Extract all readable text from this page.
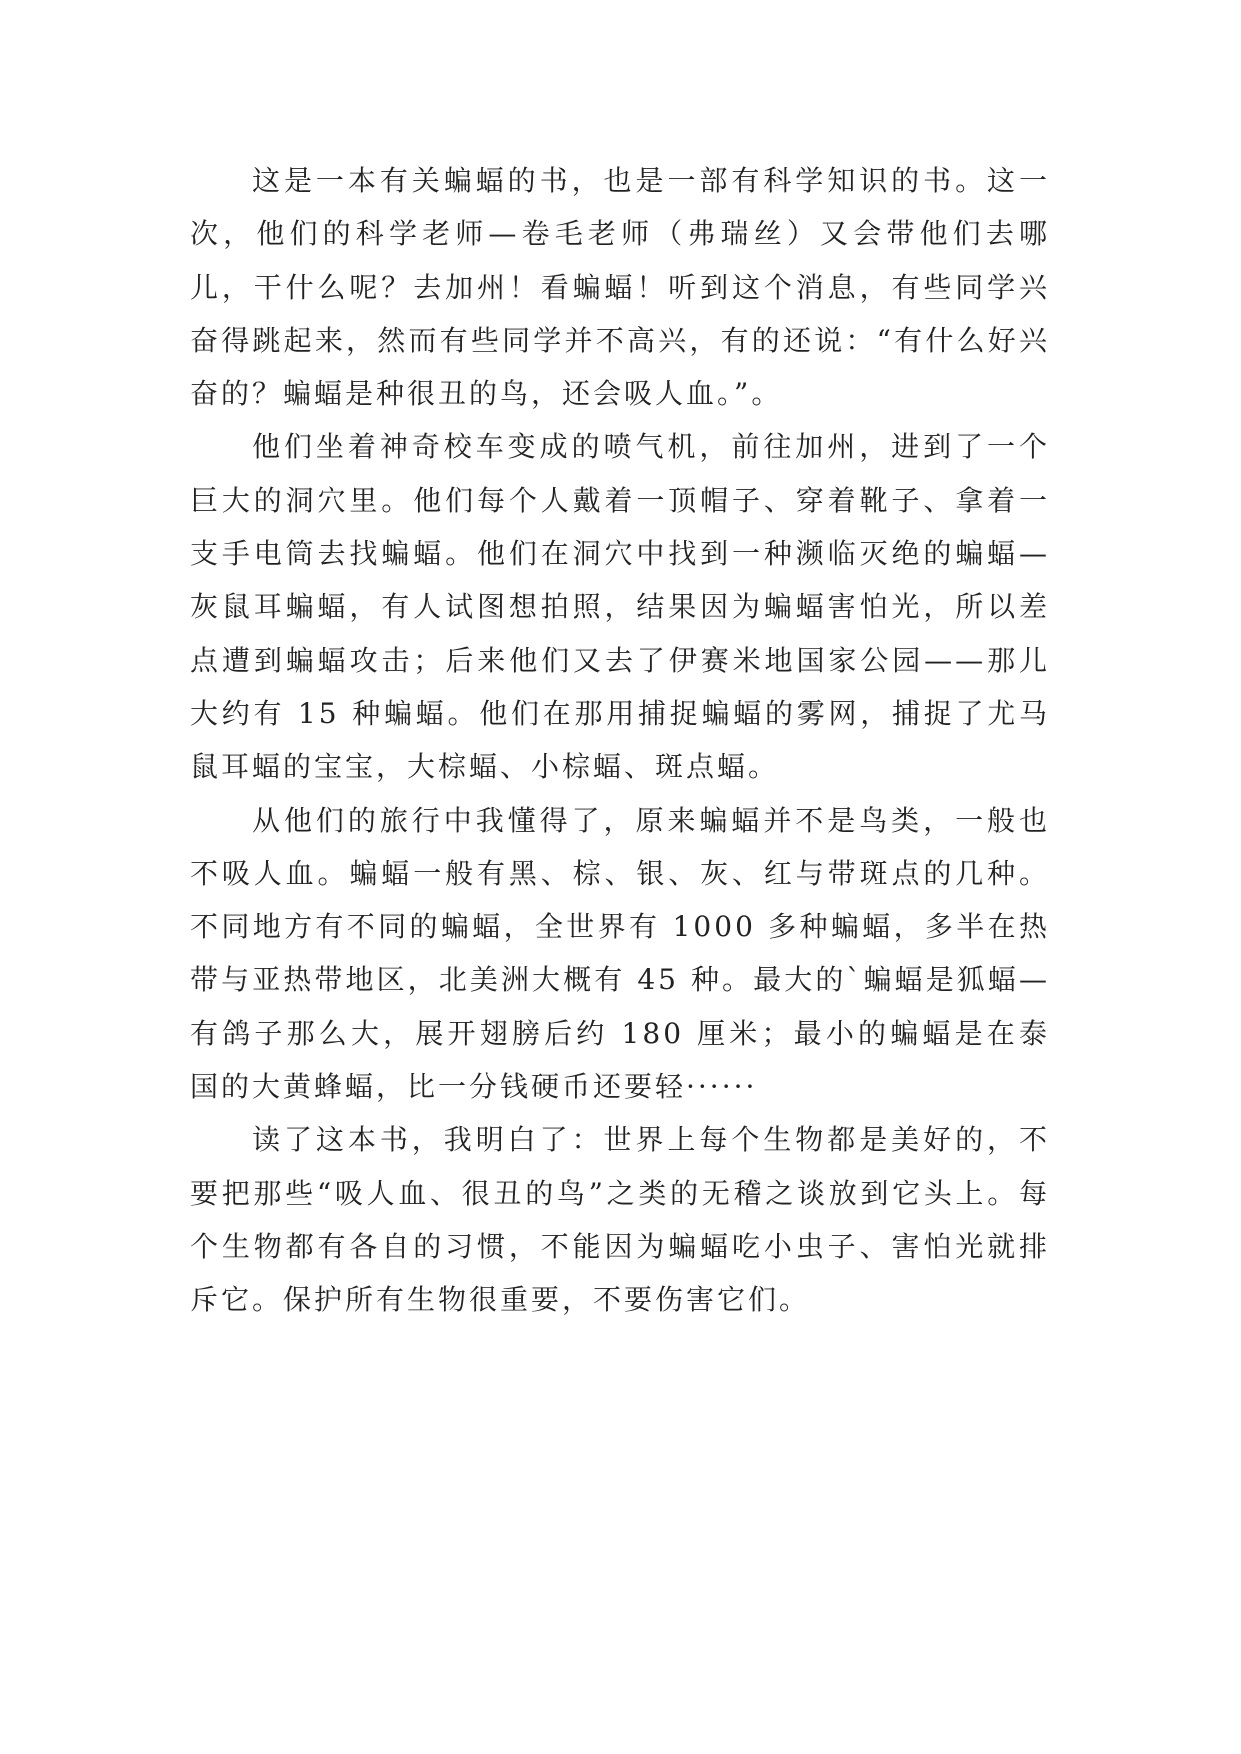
这是一本有关蝙蝠的书，也是一部有科学知识的书。这一次，他们的科学老师—卷毛老师（弗瑞丝）又会带他们去哪儿，干什么呢？去加州！看蝙蝠！听到这个消息，有些同学兴奋得跳起来，然而有些同学并不高兴，有的还说：“有什么好兴奋的？蝙蝠是种很丑的鸟，还会吸人血。”。

他们坐着神奇校车变成的喷气机，前往加州，进到了一个巨大的洞穴里。他们每个人戴着一顶帽子、穿着靴子、拿着一支手电筒去找蝙蝠。他们在洞穴中找到一种濒临灭绝的蝙蝠—灰鼠耳蝙蝠，有人试图想拍照，结果因为蝙蝠害怕光，所以差点遭到蝙蝠攻击；后来他们又去了伊赛米地国家公园——那儿大约有 15 种蝙蝠。他们在那用捕捉蝙蝠的雾网，捕捉了尤马鼠耳蝠的宝宝，大棕蝠、小棕蝠、斑点蝠。

从他们的旅行中我懂得了，原来蝙蝠并不是鸟类，一般也不吸人血。蝙蝠一般有黑、棕、银、灰、红与带斑点的几种。不同地方有不同的蝙蝠，全世界有 1000 多种蝙蝠，多半在热带与亚热带地区，北美洲大概有 45 种。最大的`蝙蝠是狐蝠—有鸽子那么大，展开翅膀后约 180 厘米；最小的蝙蝠是在泰国的大黄蜂蝠，比一分钱硬币还要轻······

读了这本书，我明白了：世界上每个生物都是美好的，不要把那些“吸人血、很丑的鸟”之类的无稽之谈放到它头上。每个生物都有各自的习惯，不能因为蝙蝠吃小虫子、害怕光就排斥它。保护所有生物很重要，不要伤害它们。
